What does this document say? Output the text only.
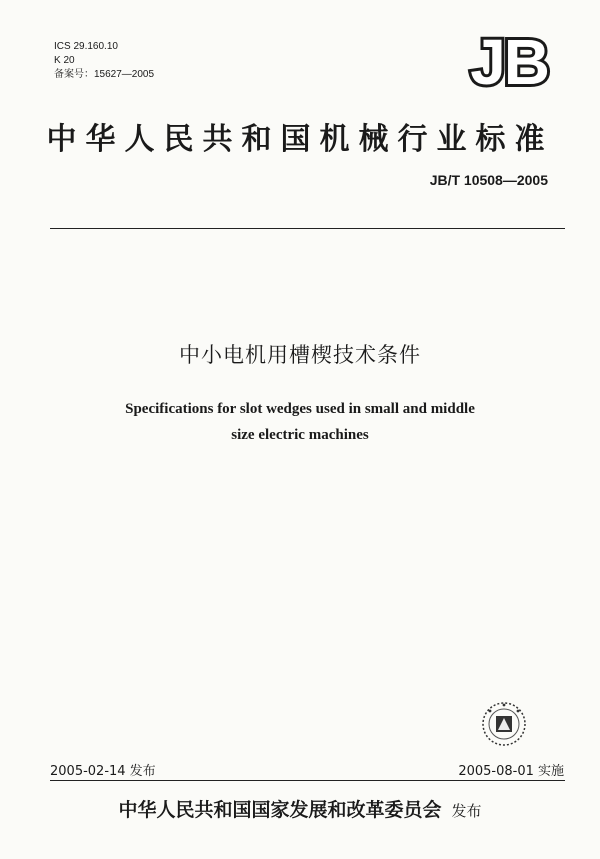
ICS 29.160.10
K 20
备案号：15627—2005	JB
中华人民共和国机械行业标准
JB/T 10508—2005
中小电机用槽楔技术条件
Specifications for slot wedges used in small and middle
size electric machines
2005-02-14 发布	2005-08-01 实施
中华人民共和国国家发展和改革委员会 发布
